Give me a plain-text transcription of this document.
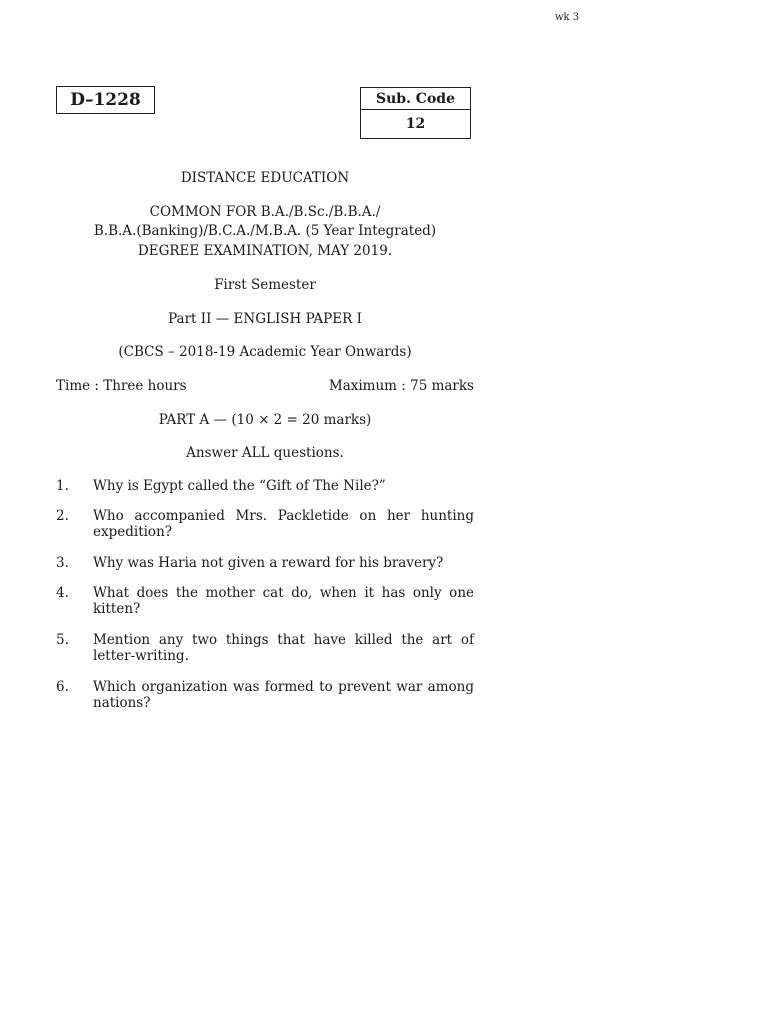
wk 3
D–1228	Sub. Code
12
DISTANCE EDUCATION
COMMON FOR B.A./B.Sc./B.B.A./
B.B.A.(Banking)/B.C.A./M.B.A. (5 Year Integrated)
DEGREE EXAMINATION, MAY 2019.
First Semester
Part II — ENGLISH PAPER I
(CBCS – 2018-19 Academic Year Onwards)
Time : Three hours	Maximum : 75 marks
PART A — (10 × 2 = 20 marks)
Answer ALL questions.
1.	Why is Egypt called the “Gift of The Nile?”
2.	Who accompanied Mrs. Packletide on her hunting expedition?
3.	Why was Haria not given a reward for his bravery?
4.	What does the mother cat do, when it has only one kitten?
5.	Mention any two things that have killed the art of letter-writing.
6.	Which organization was formed to prevent war among nations?
